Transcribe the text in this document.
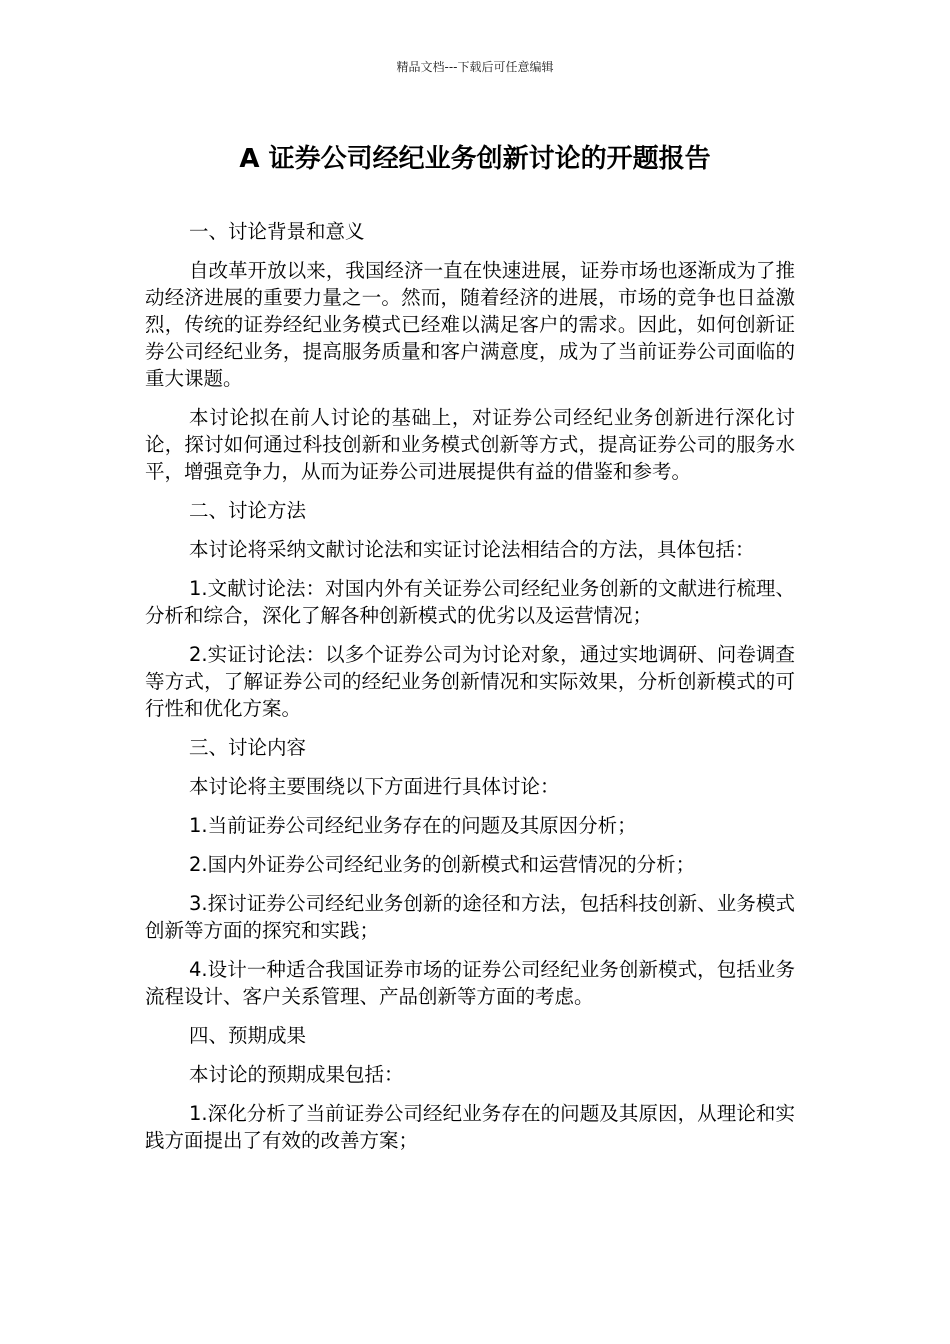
精品文档---下载后可任意编辑
A 证券公司经纪业务创新讨论的开题报告

一、讨论背景和意义

自改革开放以来，我国经济一直在快速进展，证券市场也逐渐成为了推动经济进展的重要力量之一。然而，随着经济的进展，市场的竞争也日益激烈，传统的证券经纪业务模式已经难以满足客户的需求。因此，如何创新证券公司经纪业务，提高服务质量和客户满意度，成为了当前证券公司面临的重大课题。

本讨论拟在前人讨论的基础上，对证券公司经纪业务创新进行深化讨论，探讨如何通过科技创新和业务模式创新等方式，提高证券公司的服务水平，增强竞争力，从而为证券公司进展提供有益的借鉴和参考。

二、讨论方法

本讨论将采纳文献讨论法和实证讨论法相结合的方法，具体包括：

1.文献讨论法：对国内外有关证券公司经纪业务创新的文献进行梳理、分析和综合，深化了解各种创新模式的优劣以及运营情况；

2.实证讨论法：以多个证券公司为讨论对象，通过实地调研、问卷调查等方式，了解证券公司的经纪业务创新情况和实际效果，分析创新模式的可行性和优化方案。

三、讨论内容

本讨论将主要围绕以下方面进行具体讨论：

1.当前证券公司经纪业务存在的问题及其原因分析；

2.国内外证券公司经纪业务的创新模式和运营情况的分析；

3.探讨证券公司经纪业务创新的途径和方法，包括科技创新、业务模式创新等方面的探究和实践；

4.设计一种适合我国证券市场的证券公司经纪业务创新模式，包括业务流程设计、客户关系管理、产品创新等方面的考虑。

四、预期成果

本讨论的预期成果包括：

1.深化分析了当前证券公司经纪业务存在的问题及其原因，从理论和实践方面提出了有效的改善方案；
